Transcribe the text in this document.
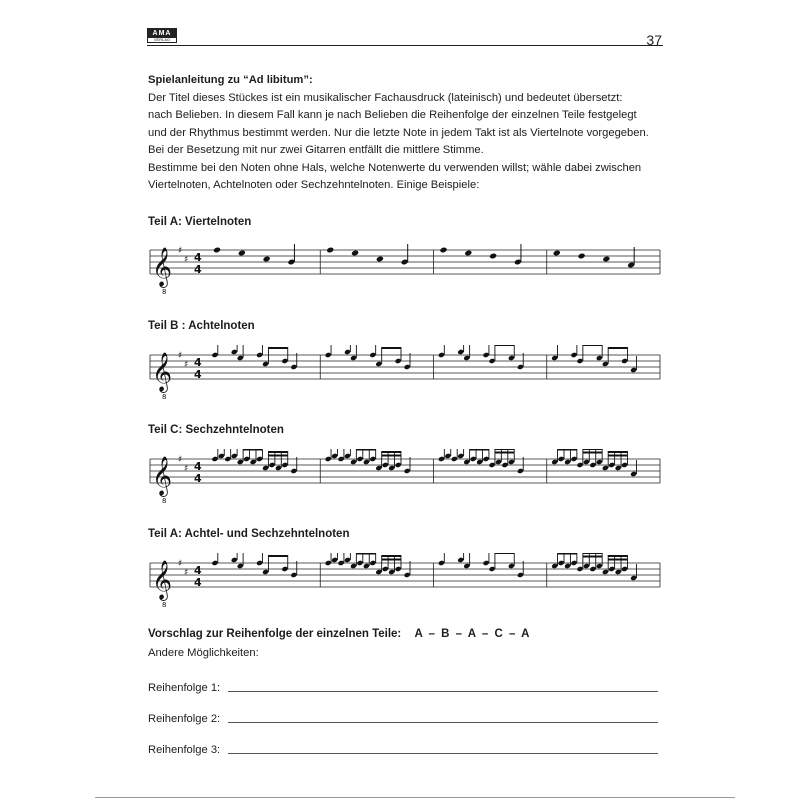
AMA
VERLAG	37

Spielanleitung zu “Ad libitum”:

Der Titel dieses Stückes ist ein musikalischer Fachausdruck (lateinisch) und bedeutet übersetzt:

nach Belieben. In diesem Fall kann je nach Belieben die Reihenfolge der einzelnen Teile festgelegt

und der Rhythmus bestimmt werden. Nur die letzte Note in jedem Takt ist als Viertelnote vorgegeben.

Bei der Besetzung mit nur zwei Gitarren entfällt die mittlere Stimme.

Bestimme bei den Noten ohne Hals, welche Notenwerte du verwenden willst; wähle dabei zwischen

Viertelnoten, Achtelnoten oder Sechzehntelnoten. Einige Beispiele:

Teil A: Viertelnoten
𝄞
8
♯
♯ 4
4
Teil B : Achtelnoten
𝄞
8
♯
♯ 4
4
Teil C: Sechzehntelnoten
𝄞
8
♯
♯ 4
4
Teil A: Achtel- und Sechzehntelnoten
𝄞
8
♯
♯ 4
4
Vorschlag zur Reihenfolge der einzelnen Teile: A – B – A – C – A
Andere Möglichkeiten:
Reihenfolge 1:
Reihenfolge 2:
Reihenfolge 3:
